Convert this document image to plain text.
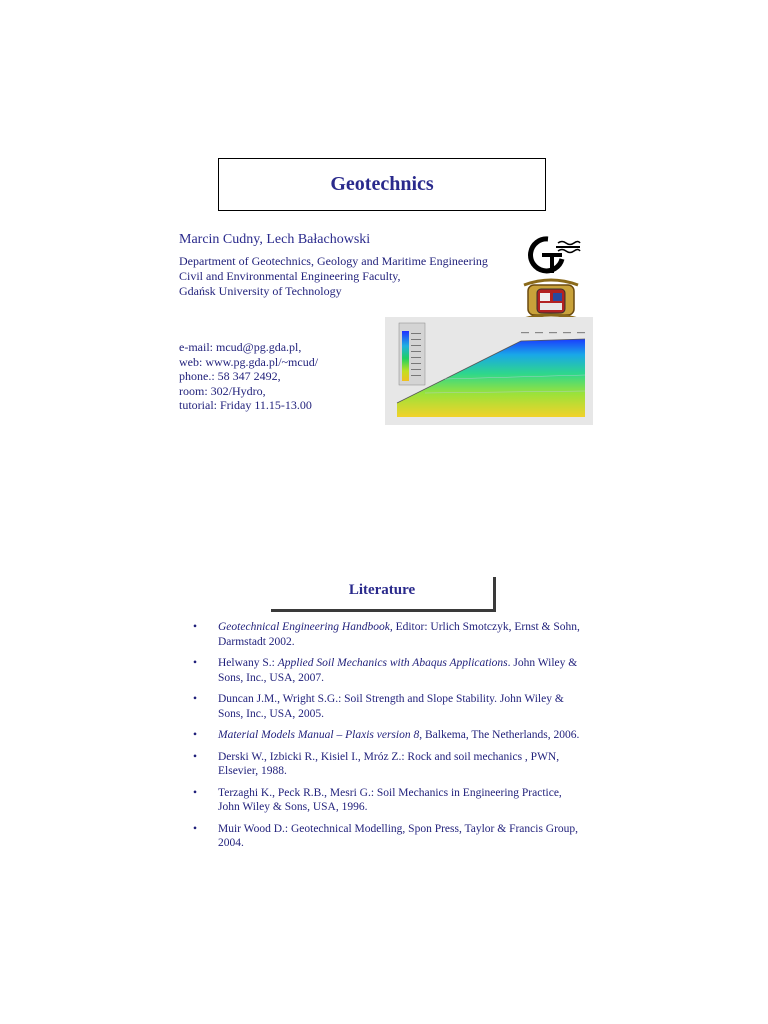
Geotechnics
Marcin Cudny, Lech Bałachowski
Department of Geotechnics, Geology and Maritime Engineering
Civil and Environmental Engineering Faculty,
Gdańsk University of Technology
e-mail: mcud@pg.gda.pl,
web: www.pg.gda.pl/~mcud/
phone.: 58 347 2492,
room: 302/Hydro,
tutorial: Friday 11.15-13.00
Literature
• Geotechnical Engineering Handbook, Editor: Urlich Smotczyk, Ernst & Sohn, Darmstadt 2002.
• Helwany S.: Applied Soil Mechanics with Abaqus Applications. John Wiley & Sons, Inc., USA, 2007.
• Duncan J.M., Wright S.G.: Soil Strength and Slope Stability. John Wiley & Sons, Inc., USA, 2005.
• Material Models Manual – Plaxis version 8, Balkema, The Netherlands, 2006.
• Derski W., Izbicki R., Kisiel I., Mróz Z.: Rock and soil mechanics , PWN, Elsevier, 1988.
• Terzaghi K., Peck R.B., Mesri G.: Soil Mechanics in Engineering Practice, John Wiley & Sons, USA, 1996.
• Muir Wood D.: Geotechnical Modelling, Spon Press, Taylor & Francis Group, 2004.
